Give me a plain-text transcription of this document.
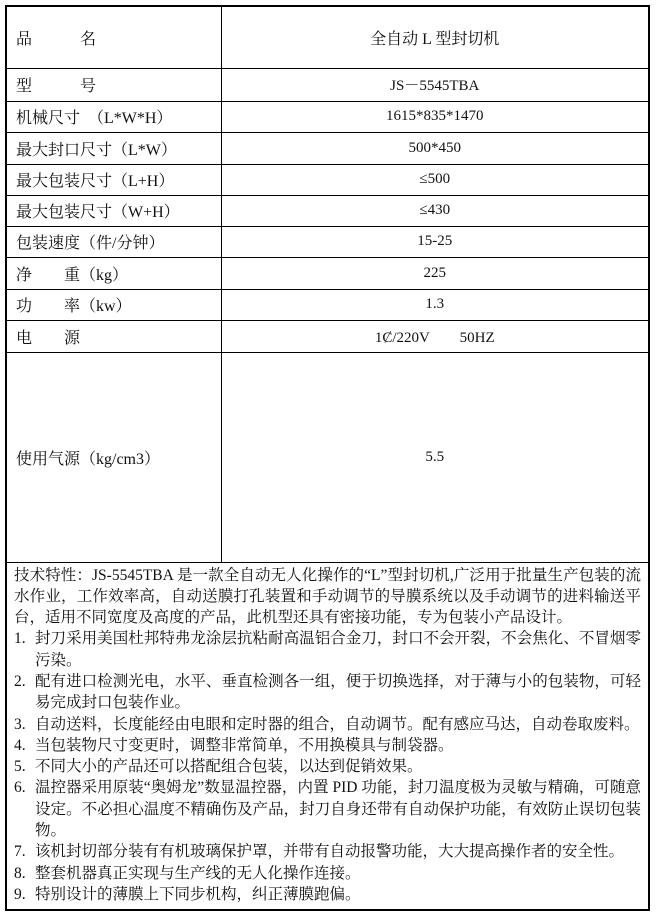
品　　　名	全自动 L 型封切机
型　　　号	JS－5545TBA
机械尺寸　（L*W*H）	1615*835*1470
最大封口尺寸（L*W）	500*450
最大包装尺寸（L+H）	≤500
最大包装尺寸（W+H）	≤430
包装速度（件/分钟）	15-25
净　　重（kg）	225
功　　率（kw）	1.3
电　　源	1Ȼ/220V　　50HZ
使用气源（kg/cm3）	5.5

技术特性：JS-5545TBA 是一款全自动无人化操作的“L”型封切机,广泛用于批量生产包装的流水作业，工作效率高，自动送膜打孔装置和手动调节的导膜系统以及手动调节的进料输送平台，适用不同宽度及高度的产品，此机型还具有密接功能，专为包装小产品设计。

封刀采用美国杜邦特弗龙涂层抗粘耐高温铝合金刀，封口不会开裂，不会焦化、不冒烟零污染。
配有进口检测光电，水平、垂直检测各一组，便于切换选择，对于薄与小的包装物，可轻易完成封口包装作业。
自动送料，长度能经由电眼和定时器的组合，自动调节。配有感应马达，自动卷取废料。
当包装物尺寸变更时，调整非常简单，不用换模具与制袋器。
不同大小的产品还可以搭配组合包装，以达到促销效果。
温控器采用原装“奥姆龙”数显温控器，内置 PID 功能，封刀温度极为灵敏与精确，可随意设定。不必担心温度不精确伤及产品，封刀自身还带有自动保护功能，有效防止误切包装物。
该机封切部分装有有机玻璃保护罩，并带有自动报警功能，大大提高操作者的安全性。
整套机器真正实现与生产线的无人化操作连接。
特别设计的薄膜上下同步机构，纠正薄膜跑偏。
